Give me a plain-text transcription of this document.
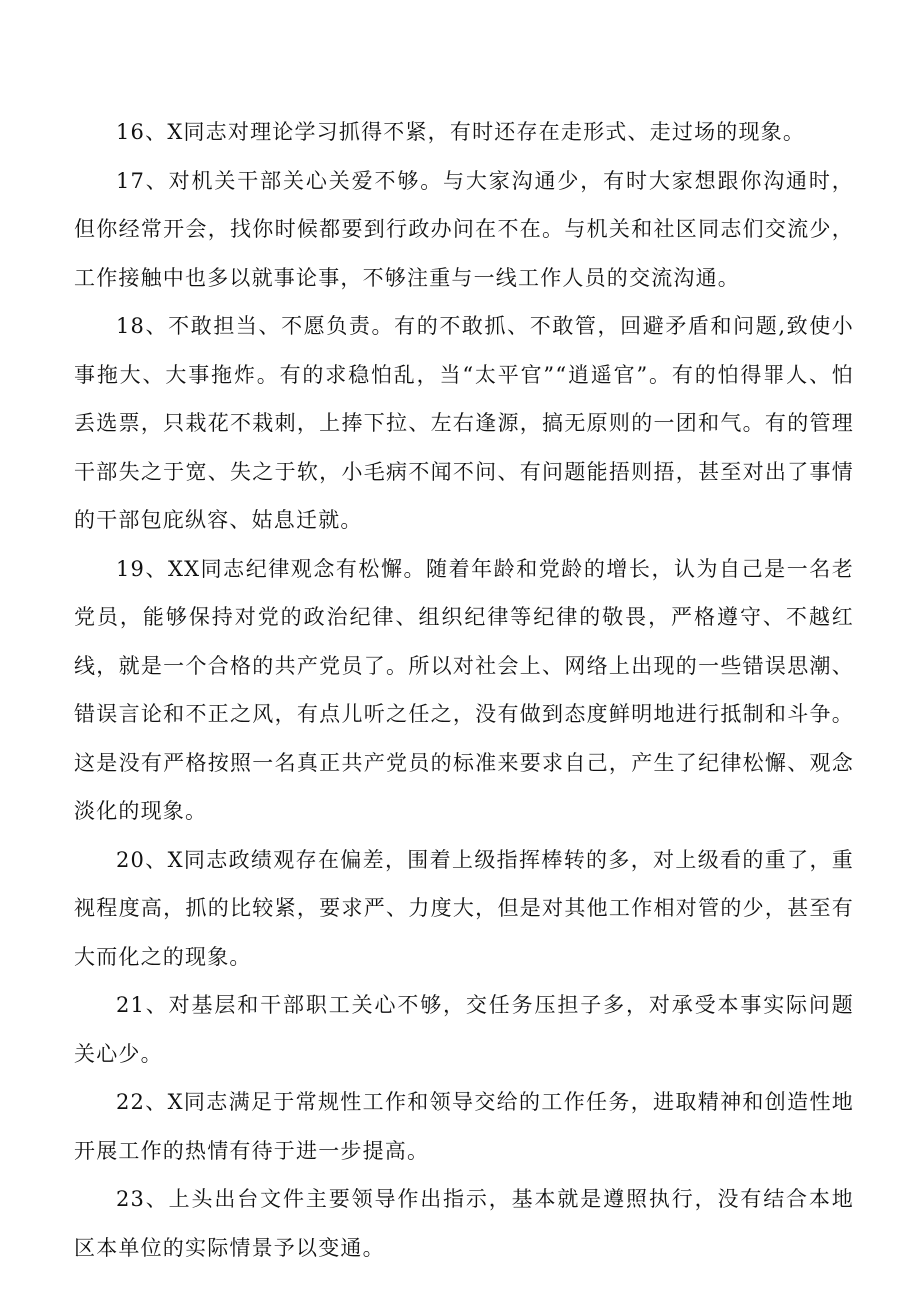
16、X同志对理论学习抓得不紧，有时还存在走形式、走过场的现象。

17、对机关干部关心关爱不够。与大家沟通少，有时大家想跟你沟通时，但你经常开会，找你时候都要到行政办问在不在。与机关和社区同志们交流少，工作接触中也多以就事论事，不够注重与一线工作人员的交流沟通。

18、不敢担当、不愿负责。有的不敢抓、不敢管，回避矛盾和问题,致使小事拖大、大事拖炸。有的求稳怕乱，当“太平官”“逍遥官”。有的怕得罪人、怕丢选票，只栽花不栽刺，上捧下拉、左右逢源，搞无原则的一团和气。有的管理干部失之于宽、失之于软，小毛病不闻不问、有问题能捂则捂，甚至对出了事情的干部包庇纵容、姑息迁就。

19、XX同志纪律观念有松懈。随着年龄和党龄的增长，认为自己是一名老党员，能够保持对党的政治纪律、组织纪律等纪律的敬畏，严格遵守、不越红线，就是一个合格的共产党员了。所以对社会上、网络上出现的一些错误思潮、错误言论和不正之风，有点儿听之任之，没有做到态度鲜明地进行抵制和斗争。这是没有严格按照一名真正共产党员的标准来要求自己，产生了纪律松懈、观念淡化的现象。

20、X同志政绩观存在偏差，围着上级指挥棒转的多，对上级看的重了，重视程度高，抓的比较紧，要求严、力度大，但是对其他工作相对管的少，甚至有大而化之的现象。

21、对基层和干部职工关心不够，交任务压担子多，对承受本事实际问题关心少。

22、X同志满足于常规性工作和领导交给的工作任务，进取精神和创造性地开展工作的热情有待于进一步提高。

23、上头出台文件主要领导作出指示，基本就是遵照执行，没有结合本地区本单位的实际情景予以变通。
